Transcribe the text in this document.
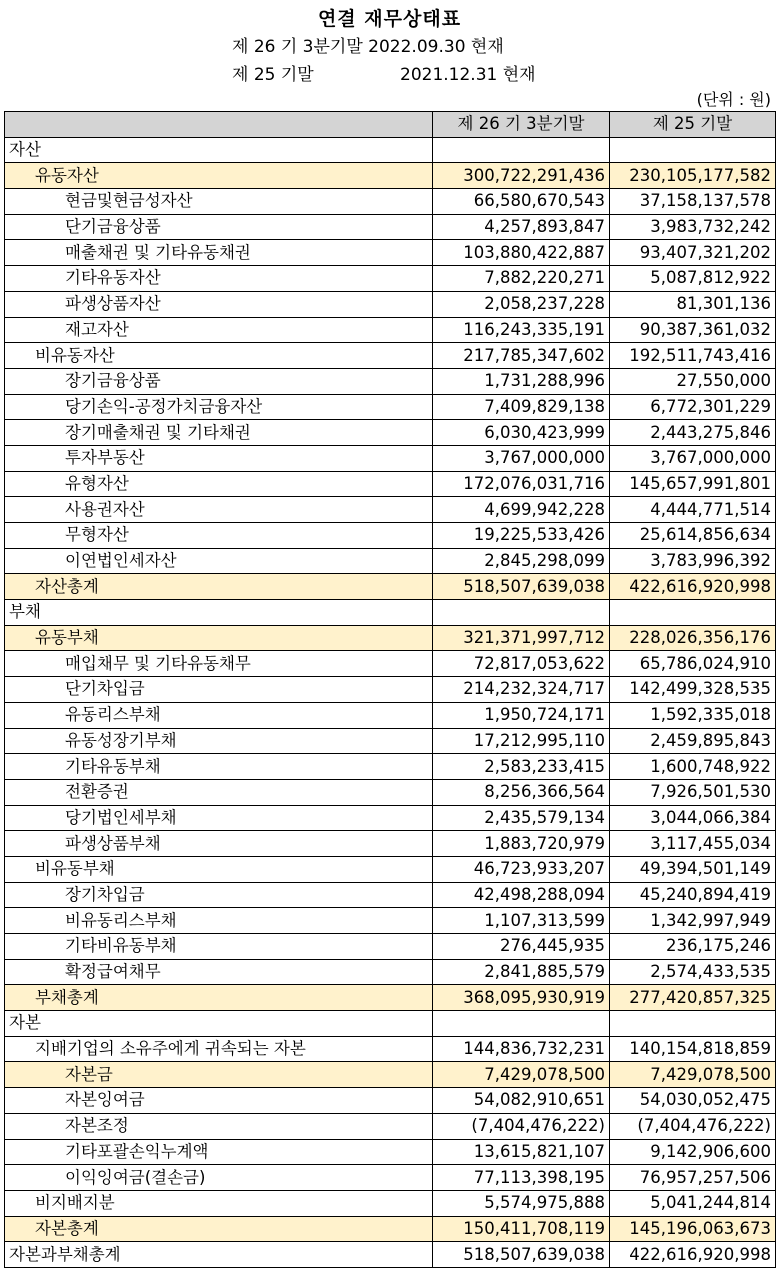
연결 재무상태표
제 26 기 3분기말 2022.09.30 현재
제 25 기말	2021.12.31 현재
(단위 : 원)
	제 26 기 3분기말	제 25 기말
자산		
유동자산	300,722,291,436	230,105,177,582
현금및현금성자산	66,580,670,543	37,158,137,578
단기금융상품	4,257,893,847	3,983,732,242
매출채권 및 기타유동채권	103,880,422,887	93,407,321,202
기타유동자산	7,882,220,271	5,087,812,922
파생상품자산	2,058,237,228	81,301,136
재고자산	116,243,335,191	90,387,361,032
비유동자산	217,785,347,602	192,511,743,416
장기금융상품	1,731,288,996	27,550,000
당기손익-공정가치금융자산	7,409,829,138	6,772,301,229
장기매출채권 및 기타채권	6,030,423,999	2,443,275,846
투자부동산	3,767,000,000	3,767,000,000
유형자산	172,076,031,716	145,657,991,801
사용권자산	4,699,942,228	4,444,771,514
무형자산	19,225,533,426	25,614,856,634
이연법인세자산	2,845,298,099	3,783,996,392
자산총계	518,507,639,038	422,616,920,998
부채		
유동부채	321,371,997,712	228,026,356,176
매입채무 및 기타유동채무	72,817,053,622	65,786,024,910
단기차입금	214,232,324,717	142,499,328,535
유동리스부채	1,950,724,171	1,592,335,018
유동성장기부채	17,212,995,110	2,459,895,843
기타유동부채	2,583,233,415	1,600,748,922
전환증권	8,256,366,564	7,926,501,530
당기법인세부채	2,435,579,134	3,044,066,384
파생상품부채	1,883,720,979	3,117,455,034
비유동부채	46,723,933,207	49,394,501,149
장기차입금	42,498,288,094	45,240,894,419
비유동리스부채	1,107,313,599	1,342,997,949
기타비유동부채	276,445,935	236,175,246
확정급여채무	2,841,885,579	2,574,433,535
부채총계	368,095,930,919	277,420,857,325
자본		
지배기업의 소유주에게 귀속되는 자본	144,836,732,231	140,154,818,859
자본금	7,429,078,500	7,429,078,500
자본잉여금	54,082,910,651	54,030,052,475
자본조정	(7,404,476,222)	(7,404,476,222)
기타포괄손익누계액	13,615,821,107	9,142,906,600
이익잉여금(결손금)	77,113,398,195	76,957,257,506
비지배지분	5,574,975,888	5,041,244,814
자본총계	150,411,708,119	145,196,063,673
자본과부채총계	518,507,639,038	422,616,920,998
